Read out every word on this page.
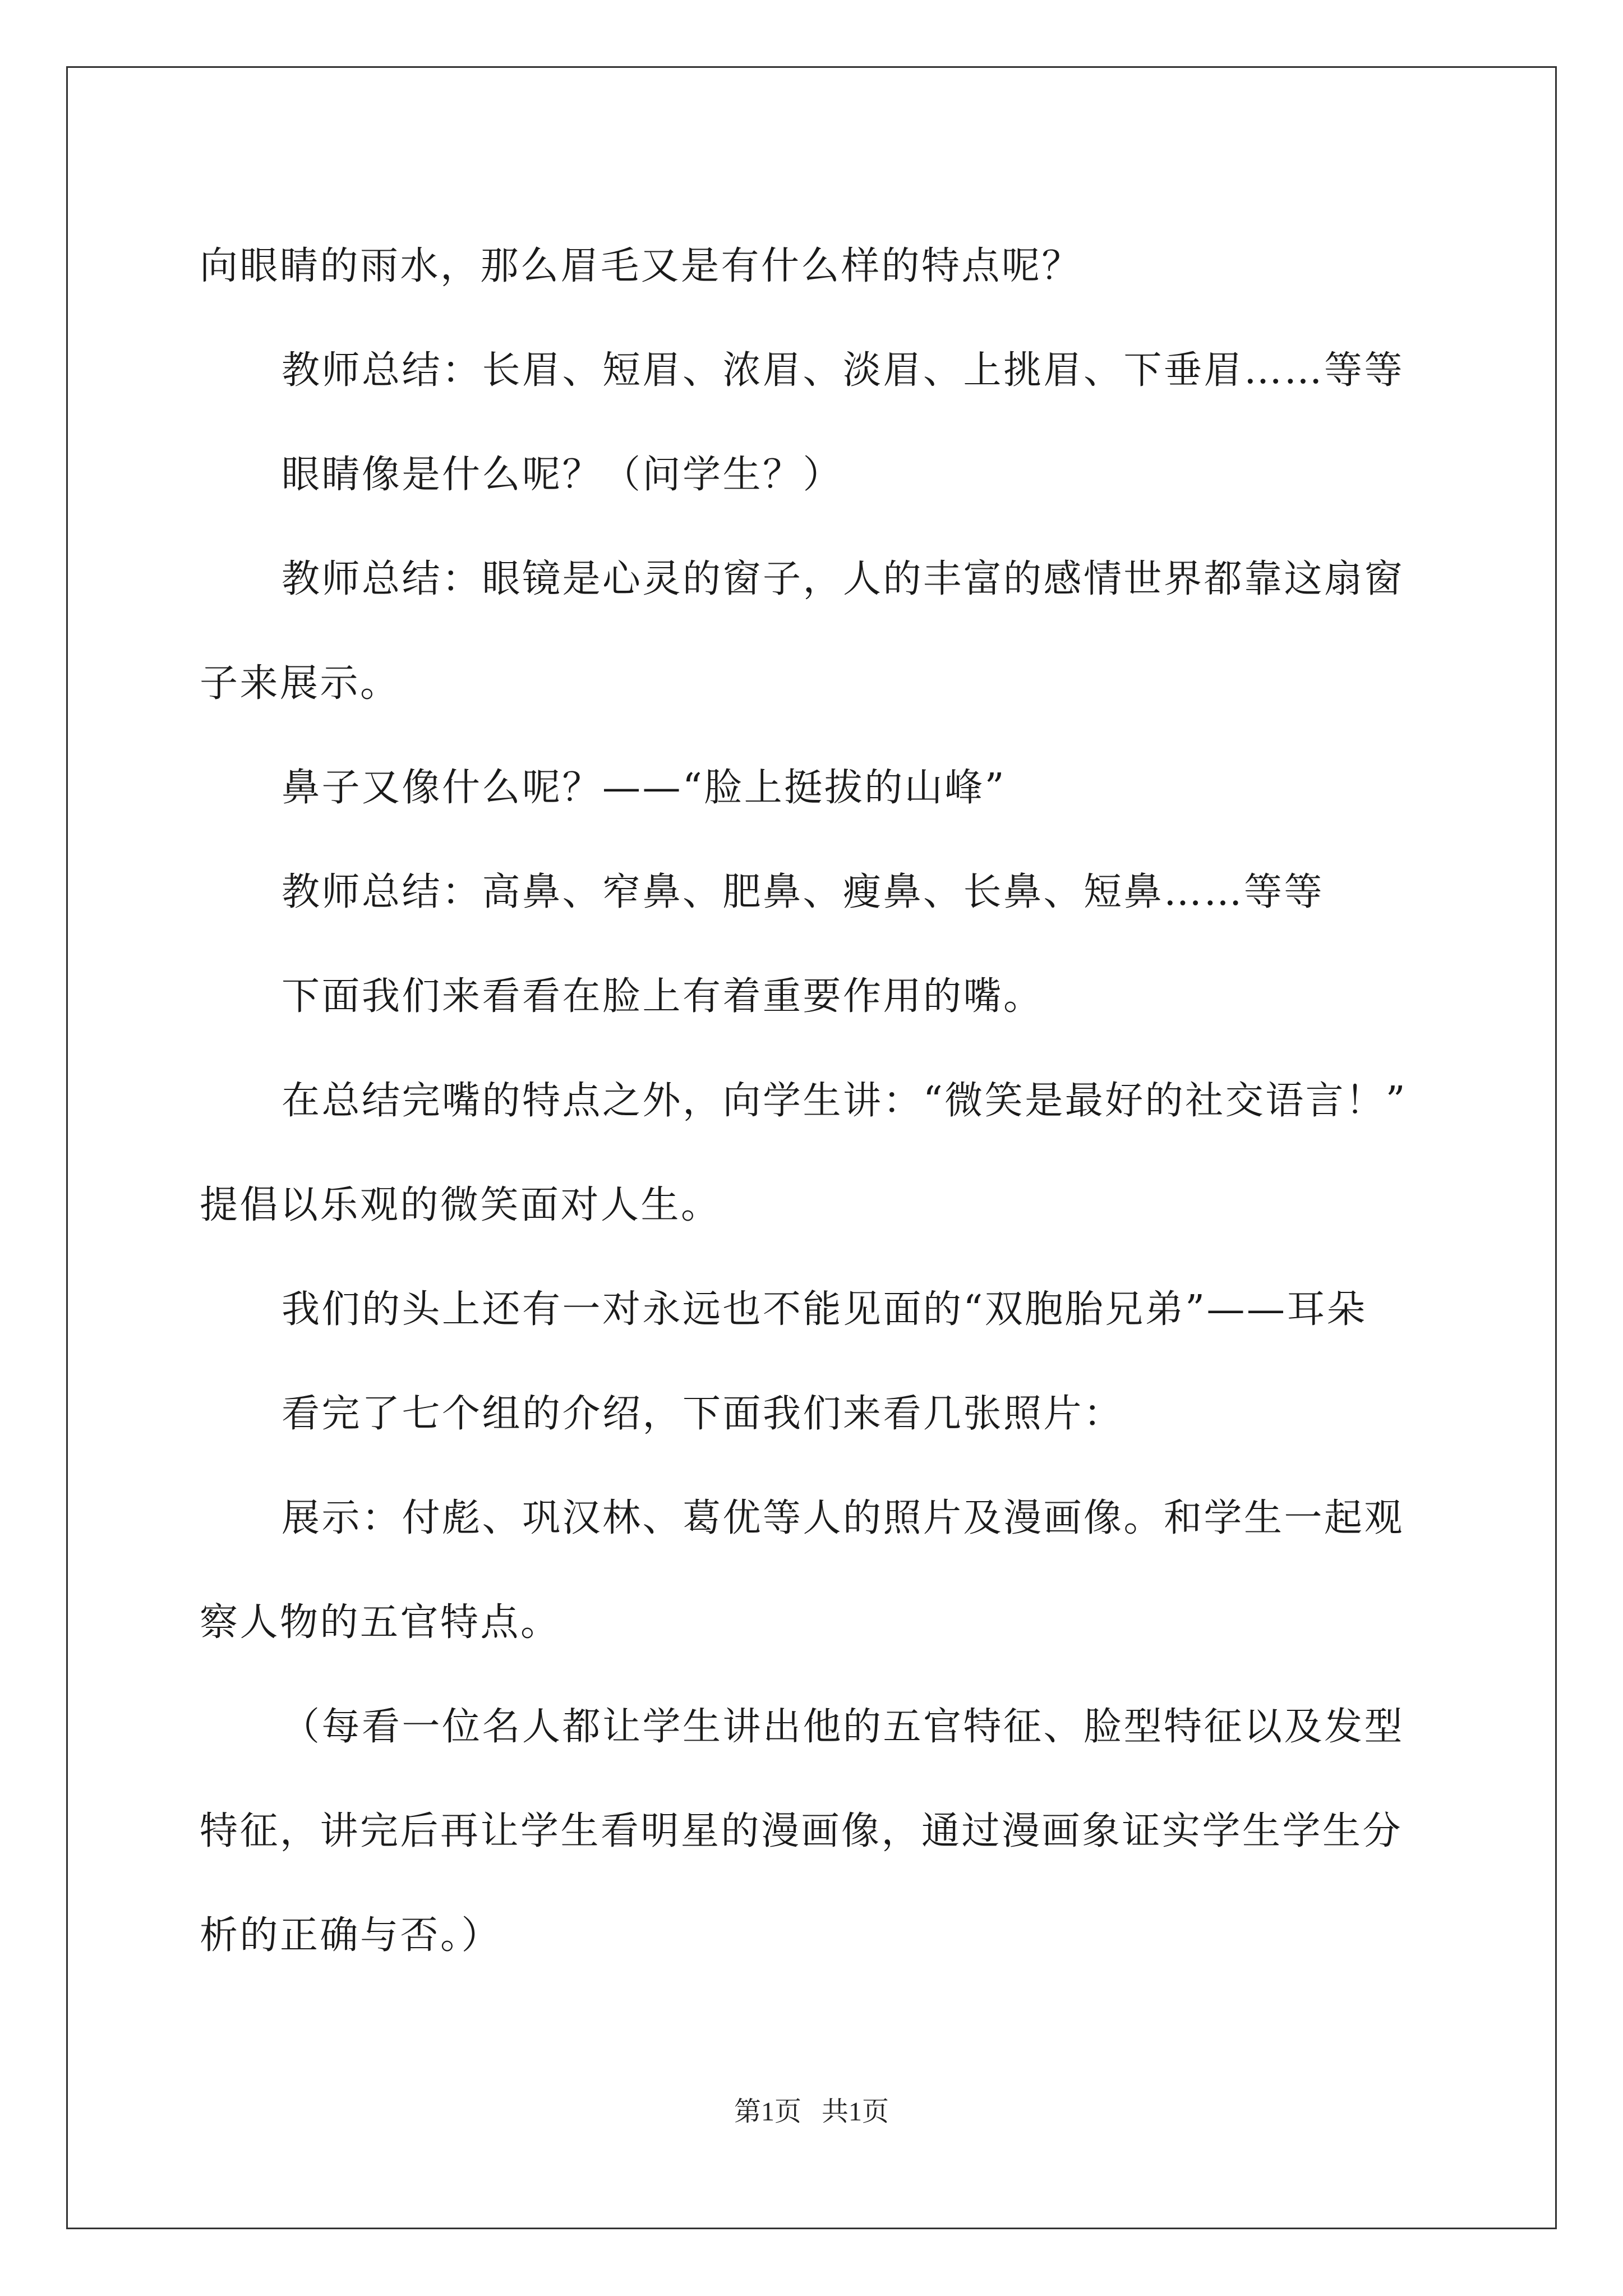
向眼睛的雨水，那么眉毛又是有什么样的特点呢？

教师总结：长眉、短眉、浓眉、淡眉、上挑眉、下垂眉……等等

眼睛像是什么呢？（问学生？）

教师总结：眼镜是心灵的窗子，人的丰富的感情世界都靠这扇窗

子来展示。

鼻子又像什么呢？——“脸上挺拔的山峰”

教师总结：高鼻、窄鼻、肥鼻、瘦鼻、长鼻、短鼻……等等

下面我们来看看在脸上有着重要作用的嘴。

在总结完嘴的特点之外，向学生讲：“微笑是最好的社交语言！”

提倡以乐观的微笑面对人生。

我们的头上还有一对永远也不能见面的“双胞胎兄弟”——耳朵

看完了七个组的介绍，下面我们来看几张照片：

展示：付彪、巩汉林、葛优等人的照片及漫画像。和学生一起观

察人物的五官特点。

（每看一位名人都让学生讲出他的五官特征、脸型特征以及发型

特征，讲完后再让学生看明星的漫画像，通过漫画象证实学生学生分

析的正确与否。）

第1页   共1页
